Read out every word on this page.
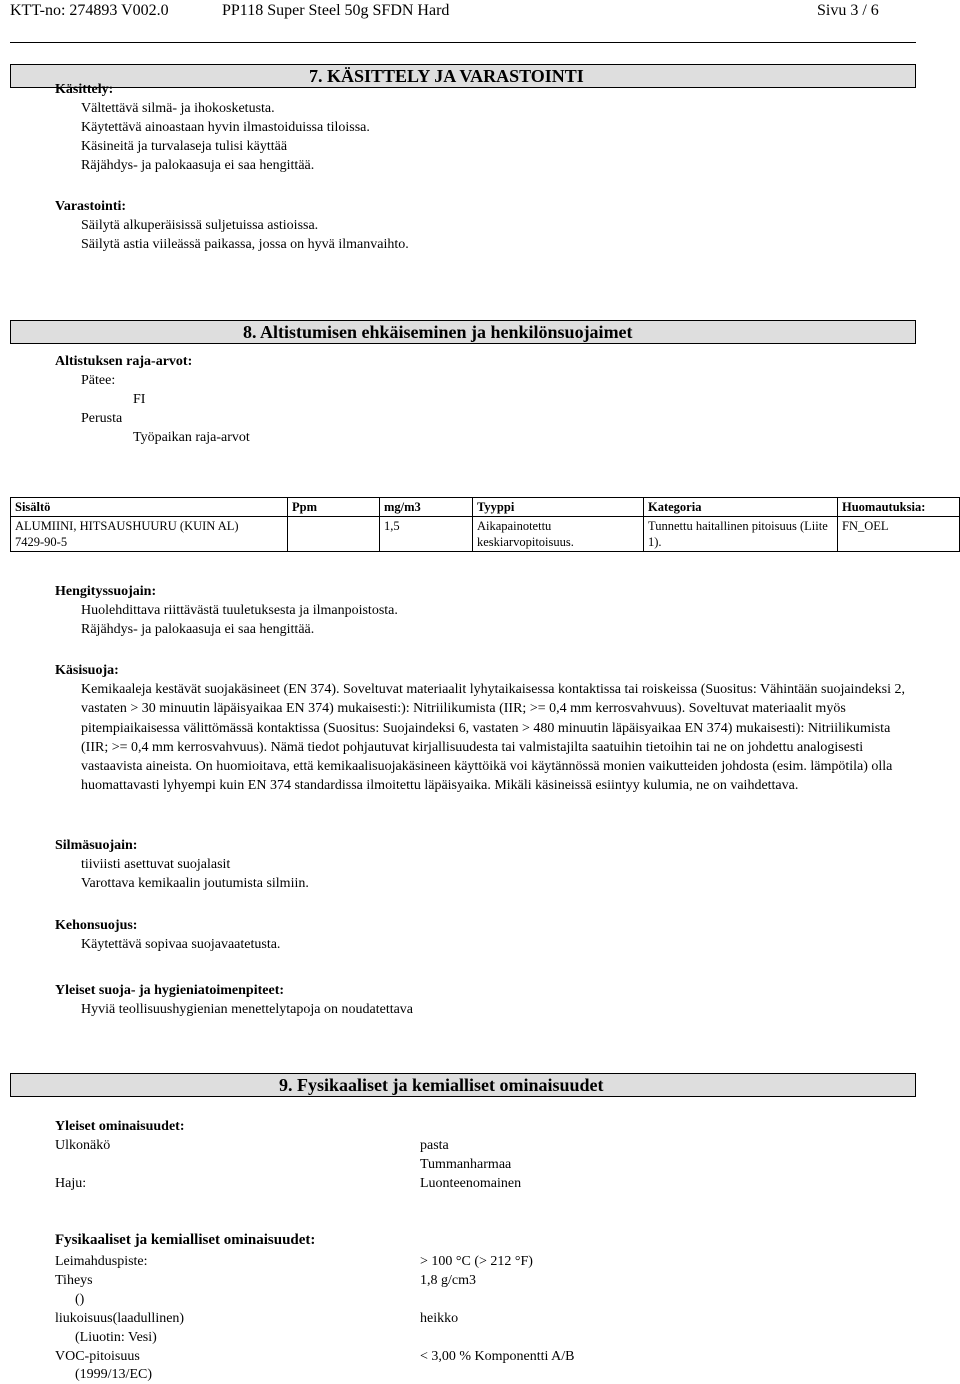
KTT-no: 274893 V002.0	PP118 Super Steel 50g SFDN Hard	Sivu 3 / 6
7. KÄSITTELY JA VARASTOINTI
Käsittely:
Vältettävä silmä- ja ihokosketusta.
Käytettävä ainoastaan hyvin ilmastoiduissa tiloissa.
Käsineitä ja turvalaseja tulisi käyttää
Räjähdys- ja palokaasuja ei saa hengittää.
Varastointi:
Säilytä alkuperäisissä suljetuissa astioissa.
Säilytä astia viileässä paikassa, jossa on hyvä ilmanvaihto.
8. Altistumisen ehkäiseminen ja henkilönsuojaimet
Altistuksen raja-arvot:
Pätee:
FI
Perusta
Työpaikan raja-arvot
Sisältö	Ppm	mg/m3	Tyyppi	Kategoria	Huomautuksia:

ALUMIINI, HITSAUSHUURU (KUIN AL)
7429-90-5		1,5	Aikapainotettu keskiarvopitoisuus.	Tunnettu haitallinen pitoisuus (Liite 1).	FN_OEL
Hengityssuojain:
Huolehdittava riittävästä tuuletuksesta ja ilmanpoistosta.
Räjähdys- ja palokaasuja ei saa hengittää.
Käsisuoja:
Kemikaaleja kestävät suojakäsineet (EN 374). Soveltuvat materiaalit lyhytaikaisessa kontaktissa tai roiskeissa (Suositus: Vähintään suojaindeksi 2, vastaten > 30 minuutin läpäisyaikaa EN 374) mukaisesti:): Nitriilikumista (IIR; >= 0,4 mm kerrosvahvuus). Soveltuvat materiaalit myös pitempiaikaisessa välittömässä kontaktissa (Suositus: Suojaindeksi 6, vastaten > 480 minuutin läpäisyaikaa EN 374) mukaisesti): Nitriilikumista (IIR; >= 0,4 mm kerrosvahvuus). Nämä tiedot pohjautuvat kirjallisuudesta tai valmistajilta saatuihin tietoihin tai ne on johdettu analogisesti vastaavista aineista. On huomioitava, että kemikaalisuojakäsineen käyttöikä voi käytännössä monien vaikutteiden johdosta (esim. lämpötila) olla huomattavasti lyhyempi kuin EN 374 standardissa ilmoitettu läpäisyaika. Mikäli käsineissä esiintyy kulumia, ne on vaihdettava.
Silmäsuojain:
tiiviisti asettuvat suojalasit
Varottava kemikaalin joutumista silmiin.
Kehonsuojus:
Käytettävä sopivaa suojavaatetusta.
Yleiset suoja- ja hygieniatoimenpiteet:
Hyviä teollisuushygienian menettelytapoja on noudatettava
9. Fysikaaliset ja kemialliset ominaisuudet
Yleiset ominaisuudet:
Ulkonäkö	pasta
Tummanharmaa
Haju:	Luonteenomainen
Fysikaaliset ja kemialliset ominaisuudet:
Leimahduspiste:	> 100 °C (> 212 °F)
Tiheys	1,8 g/cm3
()
liukoisuus(laadullinen)	heikko
(Liuotin: Vesi)
VOC-pitoisuus	< 3,00 % Komponentti A/B
(1999/13/EC)
